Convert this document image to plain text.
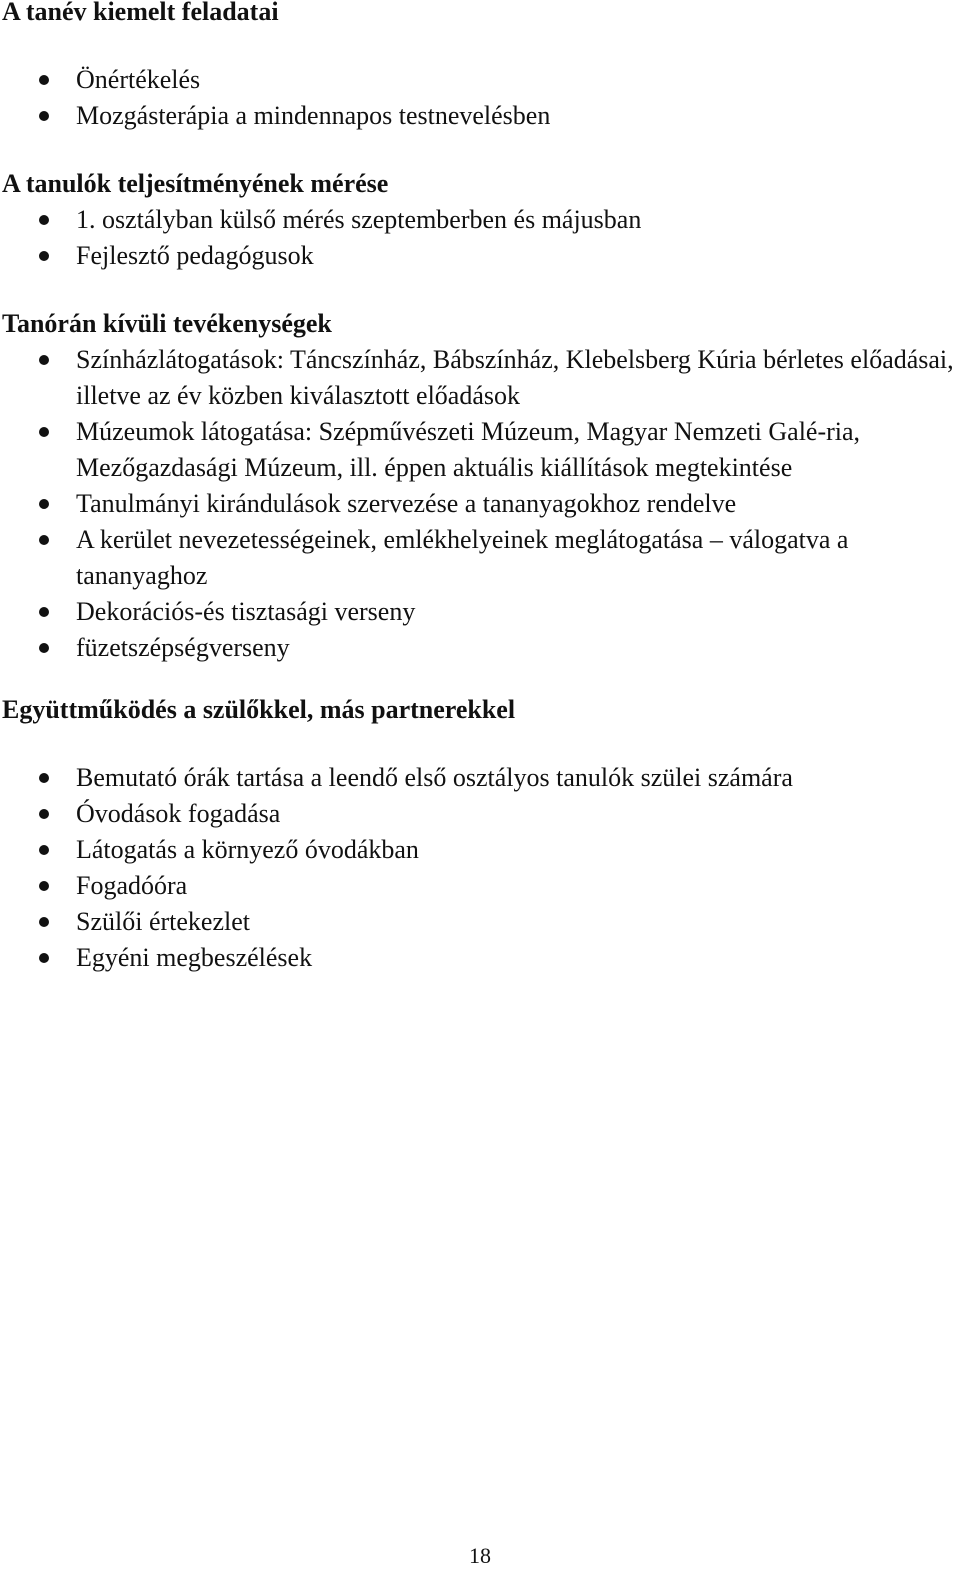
A tanév kiemelt feladatai
Önértékelés
Mozgásterápia a mindennapos testnevelésben
A tanulók teljesítményének mérése
1. osztályban külső mérés szeptemberben és májusban
Fejlesztő pedagógusok
Tanórán kívüli tevékenységek
Színházlátogatások: Táncszínház, Bábszínház, Klebelsberg Kúria bérletes előadásai, illetve az év közben kiválasztott előadások
Múzeumok látogatása: Szépművészeti Múzeum, Magyar Nemzeti Galé-ria, Mezőgazdasági Múzeum, ill. éppen aktuális kiállítások megtekintése
Tanulmányi kirándulások szervezése a tananyagokhoz rendelve
A kerület nevezetességeinek, emlékhelyeinek meglátogatása – válogatva a tananyaghoz
Dekorációs-és tisztasági verseny
füzetszépségverseny
Együttműködés a szülőkkel, más partnerekkel
Bemutató órák tartása a leendő első osztályos tanulók szülei számára
Óvodások fogadása
Látogatás a környező óvodákban
Fogadóóra
Szülői értekezlet
Egyéni megbeszélések
18
